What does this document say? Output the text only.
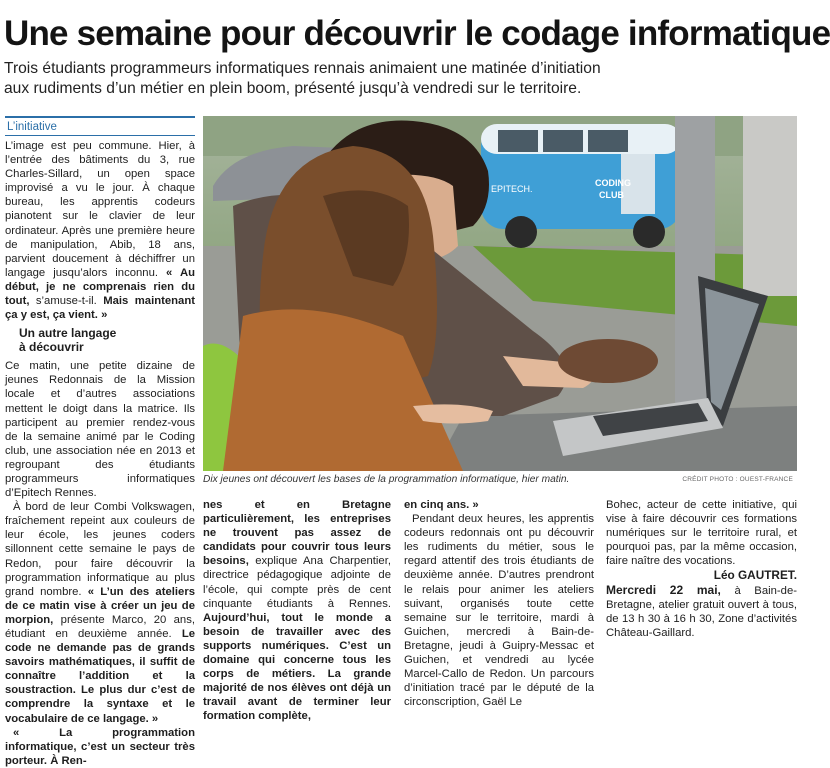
Une semaine pour découvrir le codage informatique
Trois étudiants programmeurs informatiques rennais animaient une matinée d’initiation
aux rudiments d’un métier en plein boom, présenté jusqu’à vendredi sur le territoire.
L’initiative

L’image est peu commune. Hier, à l’entrée des bâtiments du 3, rue Charles-Sillard, un open space improvisé a vu le jour. À chaque bureau, les apprentis codeurs pianotent sur le clavier de leur ordinateur. Après une première heure de manipulation, Abib, 18 ans, parvient doucement à déchiffrer un langage jusqu’alors inconnu. « Au début, je ne comprenais rien du tout, s’amuse-t-il. Mais maintenant ça y est, ça vient. »

Un autre langage
à découvrir

Ce matin, une petite dizaine de jeunes Redonnais de la Mission locale et d’autres associations mettent le doigt dans la matrice. Ils participent au premier rendez-vous de la semaine animé par le Coding club, une association née en 2013 et regroupant des étudiants programmeurs informatiques d’Epitech Rennes.

À bord de leur Combi Volkswagen, fraîchement repeint aux couleurs de leur école, les jeunes coders sillonnent cette semaine le pays de Redon, pour faire découvrir la programmation informatique au plus grand nombre. « L’un des ateliers de ce matin vise à créer un jeu de morpion, présente Marco, 20 ans, étudiant en deuxième année. Le code ne demande pas de grands savoirs mathématiques, il suffit de connaître l’addition et la soustraction. Le plus dur c’est de comprendre la syntaxe et le vocabulaire de ce langage. »

« La programmation informatique, c’est un secteur très porteur. À Ren-

EPITECH.
CODING
CLUB
Dix jeunes ont découvert les bases de la programmation informatique, hier matin.	CRÉDIT PHOTO : OUEST-FRANCE

nes et en Bretagne particulièrement, les entreprises ne trouvent pas assez de candidats pour couvrir tous leurs besoins, explique Ana Charpentier, directrice pédagogique adjointe de l’école, qui compte près de cent cinquante étudiants à Rennes. Aujourd’hui, tout le monde a besoin de travailler avec des supports numériques. C’est un domaine qui concerne tous les corps de métiers. La grande majorité de nos élèves ont déjà un travail avant de terminer leur formation complète,

en cinq ans. »

Pendant deux heures, les apprentis codeurs redonnais ont pu découvrir les rudiments du métier, sous le regard attentif des trois étudiants de deuxième année. D’autres prendront le relais pour animer les ateliers suivant, organisés toute cette semaine sur le territoire, mardi à Guichen, mercredi à Bain-de-Bretagne, jeudi à Guipry-Messac et Guichen, et vendredi au lycée Marcel-Callo de Redon. Un parcours d’initiation tracé par le député de la circonscription, Gaël Le

Bohec, acteur de cette initiative, qui vise à faire découvrir ces formations numériques sur le territoire rural, et pourquoi pas, par la même occasion, faire naître des vocations.

Léo GAUTRET.

Mercredi 22 mai, à Bain-de-Bretagne, atelier gratuit ouvert à tous, de 13 h 30 à 16 h 30, Zone d’activités Château-Gaillard.
